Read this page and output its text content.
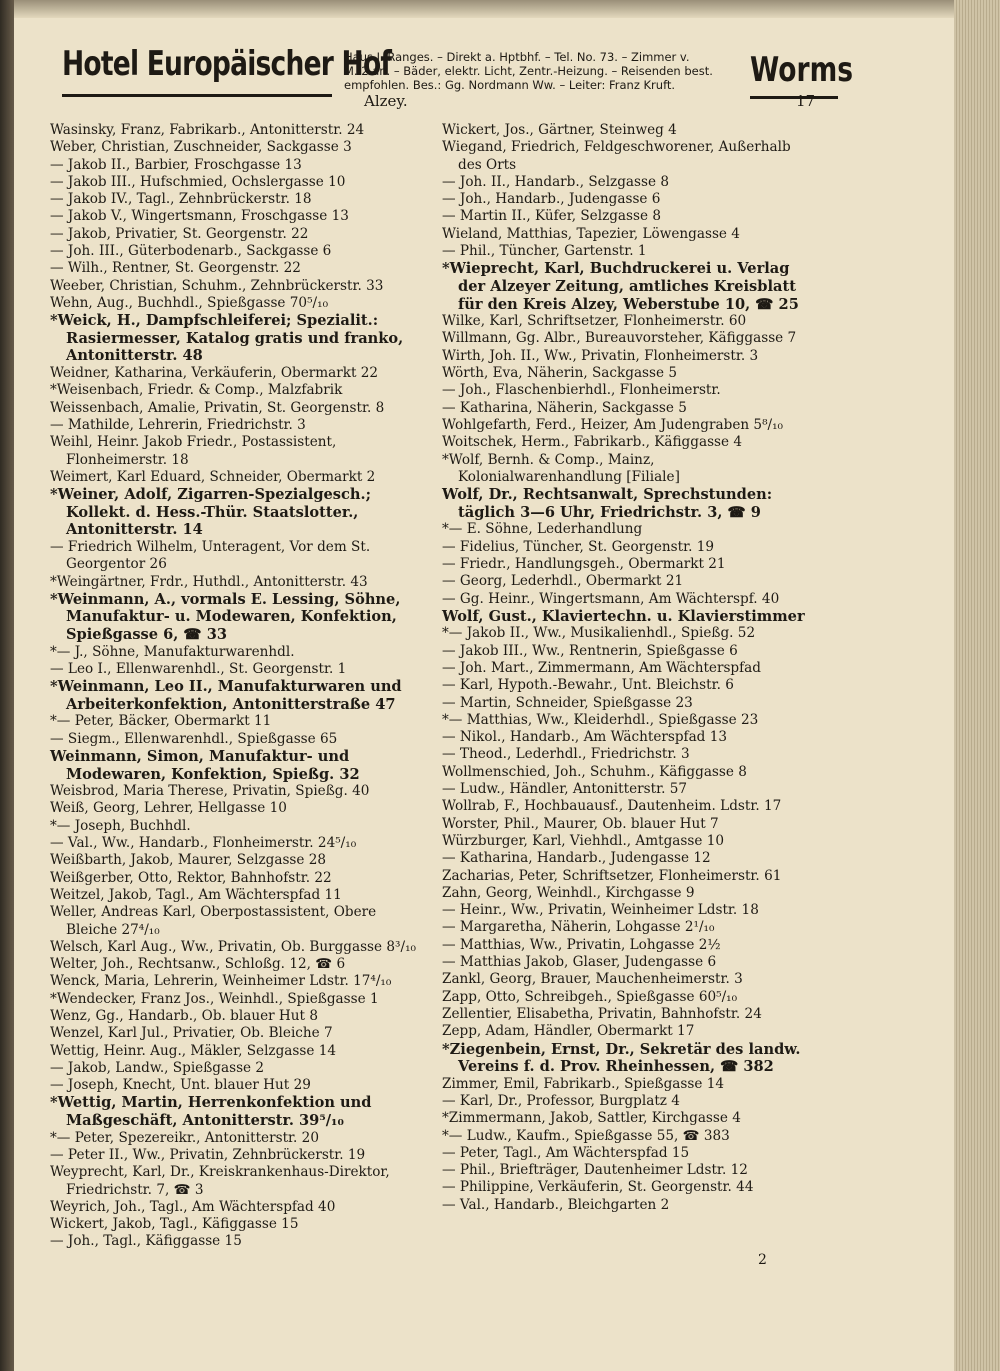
Hotel Europäischer Hof
Haus I. Ranges. – Direkt a. Hptbhf. – Tel. No. 73. – Zimmer v.
M. 2 an. – Bäder, elektr. Licht, Zentr.-Heizung. – Reisenden best.
empfohlen. Bes.: Gg. Nordmann Ww. – Leiter: Franz Kruft.	Worms
Alzey.	17
Wasinsky, Franz, Fabrikarb., Antonitterstr. 24
Weber, Christian, Zuschneider, Sackgasse 3
— Jakob II., Barbier, Froschgasse 13
— Jakob III., Hufschmied, Ochslergasse 10
— Jakob IV., Tagl., Zehnbrückerstr. 18
— Jakob V., Wingertsmann, Froschgasse 13
— Jakob, Privatier, St. Georgenstr. 22
— Joh. III., Güterbodenarb., Sackgasse 6
— Wilh., Rentner, St. Georgenstr. 22
Weeber, Christian, Schuhm., Zehnbrückerstr. 33
Wehn, Aug., Buchhdl., Spießgasse 70⁵/₁₀
*Weick, H., Dampfschleiferei; Spezialit.: Rasiermesser, Katalog gratis und franko, Antonitterstr. 48
Weidner, Katharina, Verkäuferin, Obermarkt 22
*Weisenbach, Friedr. & Comp., Malzfabrik
Weissenbach, Amalie, Privatin, St. Georgenstr. 8
— Mathilde, Lehrerin, Friedrichstr. 3
Weihl, Heinr. Jakob Friedr., Postassistent, Flonheimerstr. 18
Weimert, Karl Eduard, Schneider, Obermarkt 2
*Weiner, Adolf, Zigarren-Spezialgesch.; Kollekt. d. Hess.-Thür. Staatslotter., Antonitterstr. 14
— Friedrich Wilhelm, Unteragent, Vor dem St. Georgentor 26
*Weingärtner, Frdr., Huthdl., Antonitterstr. 43
*Weinmann, A., vormals E. Lessing, Söhne, Manufaktur- u. Modewaren, Konfektion, Spießgasse 6, ☎ 33
*— J., Söhne, Manufakturwarenhdl.
— Leo I., Ellenwarenhdl., St. Georgenstr. 1
*Weinmann, Leo II., Manufakturwaren und Arbeiterkonfektion, Antonitterstraße 47
*— Peter, Bäcker, Obermarkt 11
— Siegm., Ellenwarenhdl., Spießgasse 65
Weinmann, Simon, Manufaktur- und Modewaren, Konfektion, Spießg. 32
Weisbrod, Maria Therese, Privatin, Spießg. 40
Weiß, Georg, Lehrer, Hellgasse 10
*— Joseph, Buchhdl.
— Val., Ww., Handarb., Flonheimerstr. 24⁵/₁₀
Weißbarth, Jakob, Maurer, Selzgasse 28
Weißgerber, Otto, Rektor, Bahnhofstr. 22
Weitzel, Jakob, Tagl., Am Wächterspfad 11
Weller, Andreas Karl, Oberpostassistent, Obere Bleiche 27⁴/₁₀
Welsch, Karl Aug., Ww., Privatin, Ob. Burggasse 8³/₁₀
Welter, Joh., Rechtsanw., Schloßg. 12, ☎ 6
Wenck, Maria, Lehrerin, Weinheimer Ldstr. 17⁴/₁₀
*Wendecker, Franz Jos., Weinhdl., Spießgasse 1
Wenz, Gg., Handarb., Ob. blauer Hut 8
Wenzel, Karl Jul., Privatier, Ob. Bleiche 7
Wettig, Heinr. Aug., Mäkler, Selzgasse 14
— Jakob, Landw., Spießgasse 2
— Joseph, Knecht, Unt. blauer Hut 29
*Wettig, Martin, Herrenkonfektion und Maßgeschäft, Antonitterstr. 39⁵/₁₀
*— Peter, Spezereikr., Antonitterstr. 20
— Peter II., Ww., Privatin, Zehnbrückerstr. 19
Weyprecht, Karl, Dr., Kreiskrankenhaus-Direktor, Friedrichstr. 7, ☎ 3
Weyrich, Joh., Tagl., Am Wächterspfad 40
Wickert, Jakob, Tagl., Käfiggasse 15
— Joh., Tagl., Käfiggasse 15
Wickert, Jos., Gärtner, Steinweg 4
Wiegand, Friedrich, Feldgeschworener, Außerhalb des Orts
— Joh. II., Handarb., Selzgasse 8
— Joh., Handarb., Judengasse 6
— Martin II., Küfer, Selzgasse 8
Wieland, Matthias, Tapezier, Löwengasse 4
— Phil., Tüncher, Gartenstr. 1
*Wieprecht, Karl, Buchdruckerei u. Verlag der Alzeyer Zeitung, amtliches Kreisblatt für den Kreis Alzey, Weberstube 10, ☎ 25
Wilke, Karl, Schriftsetzer, Flonheimerstr. 60
Willmann, Gg. Albr., Bureauvorsteher, Käfiggasse 7
Wirth, Joh. II., Ww., Privatin, Flonheimerstr. 3
Wörth, Eva, Näherin, Sackgasse 5
— Joh., Flaschenbierhdl., Flonheimerstr.
— Katharina, Näherin, Sackgasse 5
Wohlgefarth, Ferd., Heizer, Am Judengraben 5⁸/₁₀
Woitschek, Herm., Fabrikarb., Käfiggasse 4
*Wolf, Bernh. & Comp., Mainz, Kolonialwarenhandlung [Filiale]
Wolf, Dr., Rechtsanwalt, Sprechstunden: täglich 3—6 Uhr, Friedrichstr. 3, ☎ 9
*— E. Söhne, Lederhandlung
— Fidelius, Tüncher, St. Georgenstr. 19
— Friedr., Handlungsgeh., Obermarkt 21
— Georg, Lederhdl., Obermarkt 21
— Gg. Heinr., Wingertsmann, Am Wächterspf. 40
Wolf, Gust., Klaviertechn. u. Klavierstimmer
*— Jakob II., Ww., Musikalienhdl., Spießg. 52
— Jakob III., Ww., Rentnerin, Spießgasse 6
— Joh. Mart., Zimmermann, Am Wächterspfad
— Karl, Hypoth.-Bewahr., Unt. Bleichstr. 6
— Martin, Schneider, Spießgasse 23
*— Matthias, Ww., Kleiderhdl., Spießgasse 23
— Nikol., Handarb., Am Wächterspfad 13
— Theod., Lederhdl., Friedrichstr. 3
Wollmenschied, Joh., Schuhm., Käfiggasse 8
— Ludw., Händler, Antonitterstr. 57
Wollrab, F., Hochbauausf., Dautenheim. Ldstr. 17
Worster, Phil., Maurer, Ob. blauer Hut 7
Würzburger, Karl, Viehhdl., Amtgasse 10
— Katharina, Handarb., Judengasse 12
Zacharias, Peter, Schriftsetzer, Flonheimerstr. 61
Zahn, Georg, Weinhdl., Kirchgasse 9
— Heinr., Ww., Privatin, Weinheimer Ldstr. 18
— Margaretha, Näherin, Lohgasse 2¹/₁₀
— Matthias, Ww., Privatin, Lohgasse 2½
— Matthias Jakob, Glaser, Judengasse 6
Zankl, Georg, Brauer, Mauchenheimerstr. 3
Zapp, Otto, Schreibgeh., Spießgasse 60⁵/₁₀
Zellentier, Elisabetha, Privatin, Bahnhofstr. 24
Zepp, Adam, Händler, Obermarkt 17
*Ziegenbein, Ernst, Dr., Sekretär des landw. Vereins f. d. Prov. Rheinhessen, ☎ 382
Zimmer, Emil, Fabrikarb., Spießgasse 14
— Karl, Dr., Professor, Burgplatz 4
*Zimmermann, Jakob, Sattler, Kirchgasse 4
*— Ludw., Kaufm., Spießgasse 55, ☎ 383
— Peter, Tagl., Am Wächterspfad 15
— Phil., Briefträger, Dautenheimer Ldstr. 12
— Philippine, Verkäuferin, St. Georgenstr. 44
— Val., Handarb., Bleichgarten 2
2
